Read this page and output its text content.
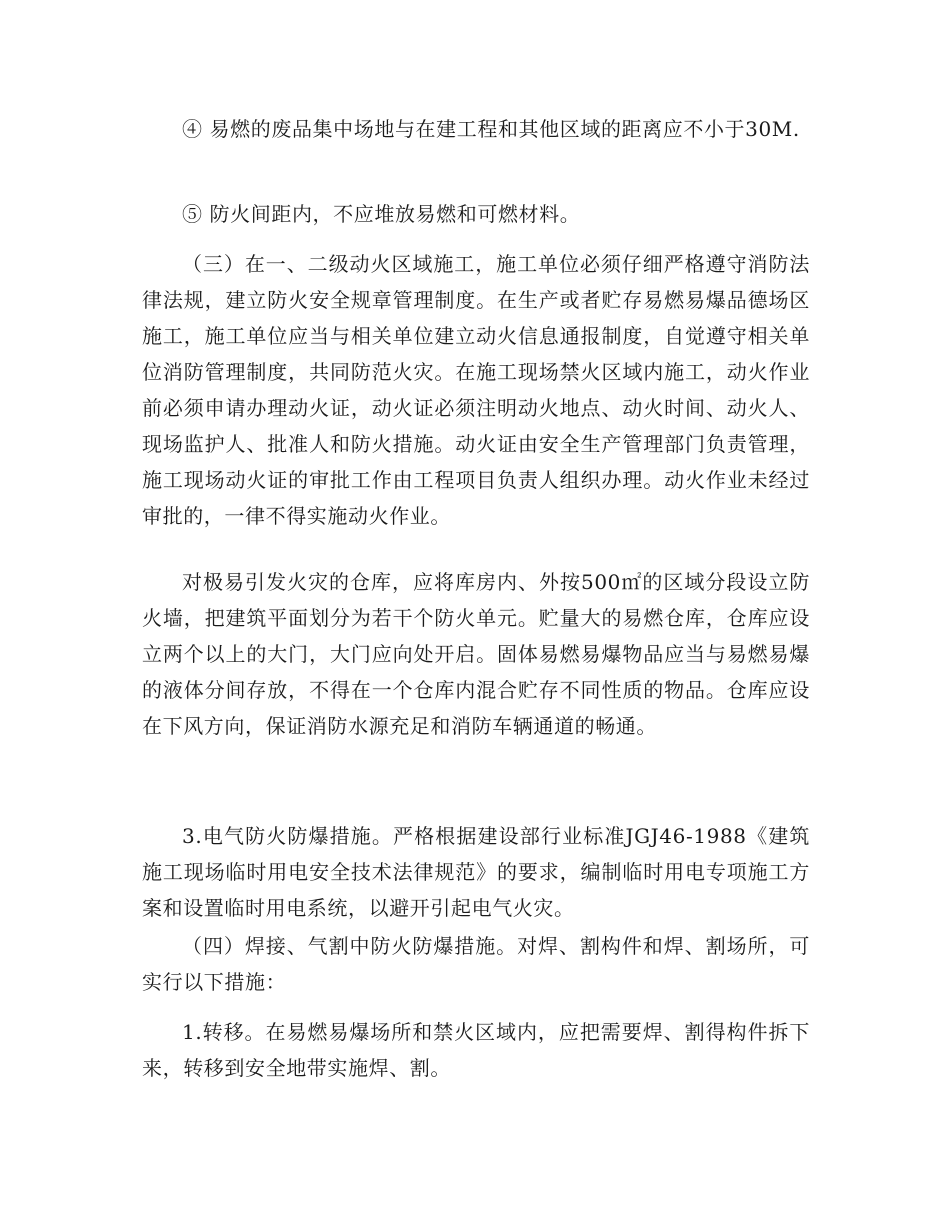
④ 易燃的废品集中场地与在建工程和其他区域的距离应不小于30M.

⑤ 防火间距内，不应堆放易燃和可燃材料。

（三）在一、二级动火区域施工，施工单位必须仔细严格遵守消防法律法规，建立防火安全规章管理制度。在生产或者贮存易燃易爆品德场区施工，施工单位应当与相关单位建立动火信息通报制度，自觉遵守相关单位消防管理制度，共同防范火灾。在施工现场禁火区域内施工，动火作业前必须申请办理动火证，动火证必须注明动火地点、动火时间、动火人、现场监护人、批准人和防火措施。动火证由安全生产管理部门负责管理，施工现场动火证的审批工作由工程项目负责人组织办理。动火作业未经过审批的，一律不得实施动火作业。

对极易引发火灾的仓库，应将库房内、外按500㎡的区域分段设立防火墙，把建筑平面划分为若干个防火单元。贮量大的易燃仓库，仓库应设立两个以上的大门，大门应向处开启。固体易燃易爆物品应当与易燃易爆的液体分间存放，不得在一个仓库内混合贮存不同性质的物品。仓库应设在下风方向，保证消防水源充足和消防车辆通道的畅通。

3.电气防火防爆措施。严格根据建设部行业标准JGJ46-1988《建筑施工现场临时用电安全技术法律规范》的要求，编制临时用电专项施工方案和设置临时用电系统，以避开引起电气火灾。

（四）焊接、气割中防火防爆措施。对焊、割构件和焊、割场所，可实行以下措施：

1.转移。在易燃易爆场所和禁火区域内，应把需要焊、割得构件拆下来，转移到安全地带实施焊、割。
